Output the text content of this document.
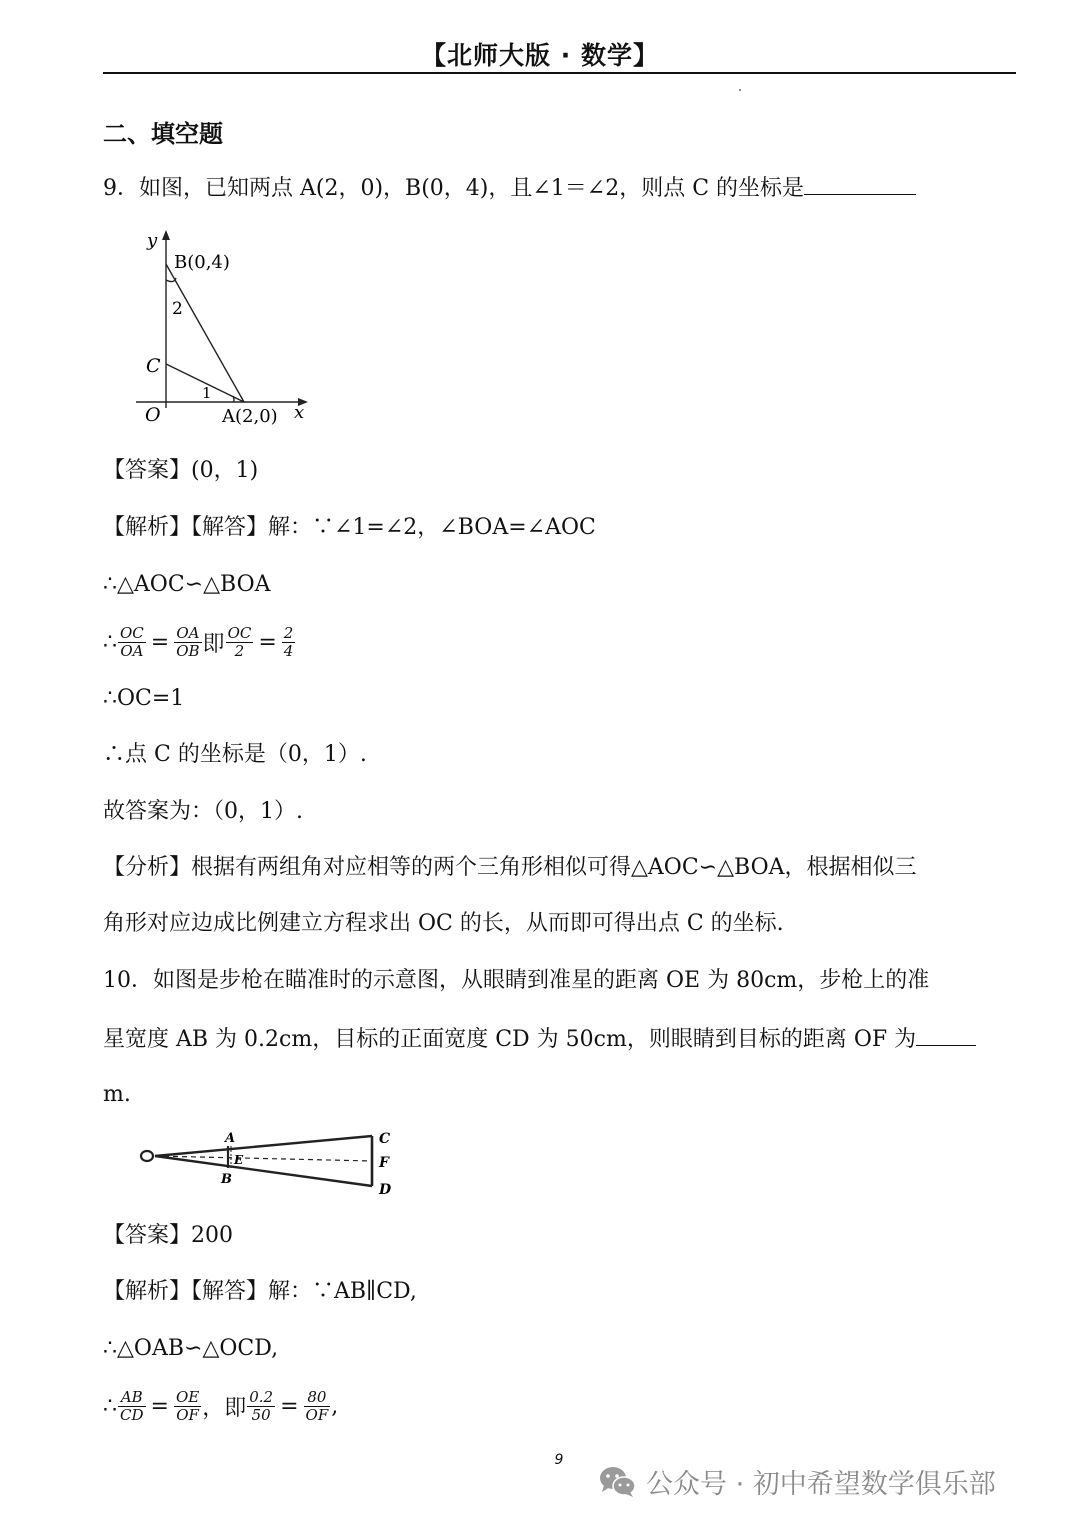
【北师大版 · 数学】
二、填空题
9．如图，已知两点 A(2，0)，B(0，4)，且∠1＝∠2，则点 C 的坐标是
y
B(0,4)
2
C
1
O	A(2,0) x
【答案】(0，1)
【解析】【解答】解：∵∠1=∠2，∠BOA=∠AOC
∴△AOC∽△BOA
∴ $\frac{OC}{OA} = \frac{OA}{OB}$ 即 $\frac{OC}{2} = \frac{2}{4}$
∴OC=1
∴点 C 的坐标是（0，1）.
故答案为：（0，1）.
【分析】根据有两组角对应相等的两个三角形相似可得△AOC∽△BOA，根据相似三
角形对应边成比例建立方程求出 OC 的长，从而即可得出点 C 的坐标.
10．如图是步枪在瞄准时的示意图，从眼睛到准星的距离 OE 为 80cm，步枪上的准
星宽度 AB 为 0.2cm，目标的正面宽度 CD 为 50cm，则眼睛到目标的距离 OF 为
m.
A
E
B
C
F
D
【答案】200
【解析】【解答】解：∵AB∥CD,
∴△OAB∽△OCD,
∴ $\frac{AB}{CD} = \frac{OE}{OF}$ ，即 $\frac{0.2}{50} = \frac{80}{OF}$ ,
9
公众号 · 初中希望数学俱乐部
